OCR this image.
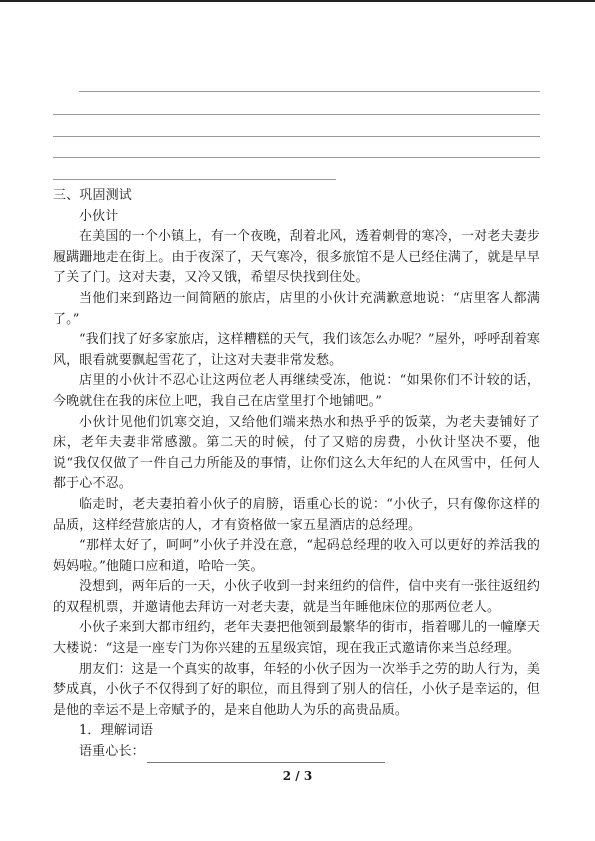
三、巩固测试

小伙计

在美国的一个小镇上，有一个夜晚，刮着北风，透着刺骨的寒冷，一对老夫妻步履蹒跚地走在街上。由于夜深了，天气寒冷，很多旅馆不是人已经住满了，就是早早了关了门。这对夫妻，又冷又饿，希望尽快找到住处。

当他们来到路边一间简陋的旅店，店里的小伙计充满歉意地说：“店里客人都满了。”

“我们找了好多家旅店，这样糟糕的天气，我们该怎么办呢？”屋外，呼呼刮着寒风，眼看就要飘起雪花了，让这对夫妻非常发愁。

店里的小伙计不忍心让这两位老人再继续受冻，他说：“如果你们不计较的话，今晚就住在我的床位上吧，我自己在店堂里打个地铺吧。”

小伙计见他们饥寒交迫，又给他们端来热水和热乎乎的饭菜，为老夫妻铺好了床，老年夫妻非常感激。第二天的时候，付了又赔的房费，小伙计坚决不要，他说“我仅仅做了一件自己力所能及的事情，让你们这么大年纪的人在风雪中，任何人都于心不忍。

临走时，老夫妻拍着小伙子的肩膀，语重心长的说：“小伙子，只有像你这样的品质，这样经营旅店的人，才有资格做一家五星酒店的总经理。

“那样太好了，呵呵”小伙子并没在意，“起码总经理的收入可以更好的养活我的妈妈啦。”他随口应和道，哈哈一笑。

没想到，两年后的一天，小伙子收到一封来纽约的信件，信中夹有一张往返纽约的双程机票，并邀请他去拜访一对老夫妻，就是当年睡他床位的那两位老人。

小伙子来到大都市纽约，老年夫妻把他领到最繁华的街市，指着哪儿的一幢摩天大楼说：“这是一座专门为你兴建的五星级宾馆，现在我正式邀请你来当总经理。

朋友们：这是一个真实的故事，年轻的小伙子因为一次举手之劳的助人行为，美梦成真，小伙子不仅得到了好的职位，而且得到了别人的信任，小伙子是幸运的，但是他的幸运不是上帝赋予的，是来自他助人为乐的高贵品质。

1．理解词语

语重心长：

2 / 3
